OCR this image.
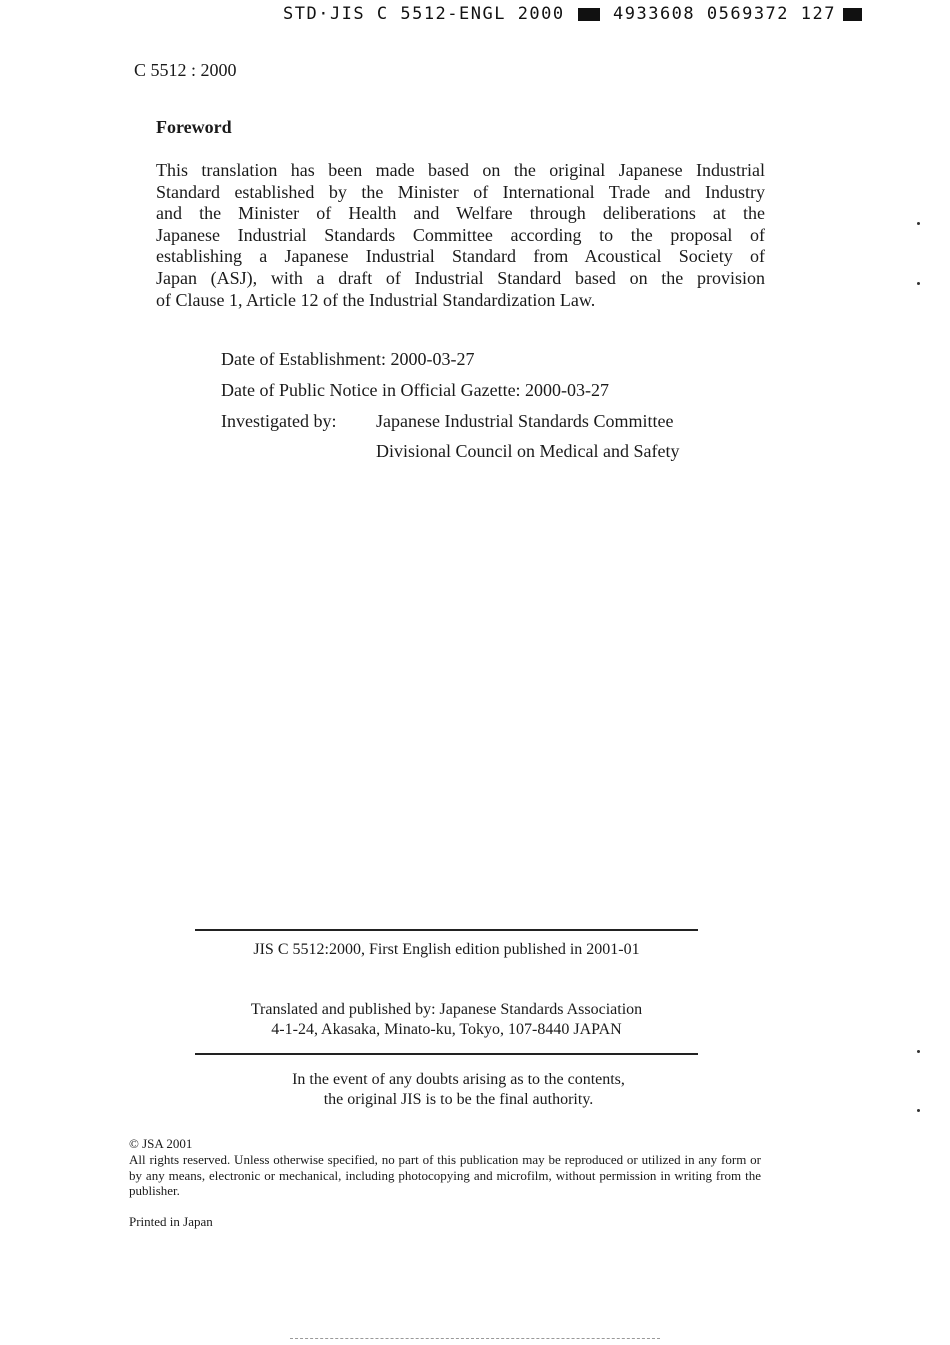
STD·JIS C 5512-ENGL 2000	4933608 0569372 127
C 5512 : 2000
Foreword
This translation has been made based on the original Japanese Industrial
Standard established by the Minister of International Trade and Industry
and the Minister of Health and Welfare through deliberations at the
Japanese Industrial Standards Committee according to the proposal of
establishing a Japanese Industrial Standard from Acoustical Society of
Japan (ASJ), with a draft of Industrial Standard based on the provision
of Clause 1, Article 12 of the Industrial Standardization Law.
Date of Establishment: 2000-03-27
Date of Public Notice in Official Gazette: 2000-03-27
Investigated by: Japanese Industrial Standards Committee
Divisional Council on Medical and Safety
JIS C 5512:2000, First English edition published in 2001-01
Translated and published by: Japanese Standards Association
4-1-24, Akasaka, Minato-ku, Tokyo, 107-8440 JAPAN
In the event of any doubts arising as to the contents,
the original JIS is to be the final authority.
© JSA 2001
All rights reserved. Unless otherwise specified, no part of this publication may be reproduced or utilized in any form or by any means, electronic or mechanical, including photocopying and microfilm, without permission in writing from the publisher.
Printed in Japan
